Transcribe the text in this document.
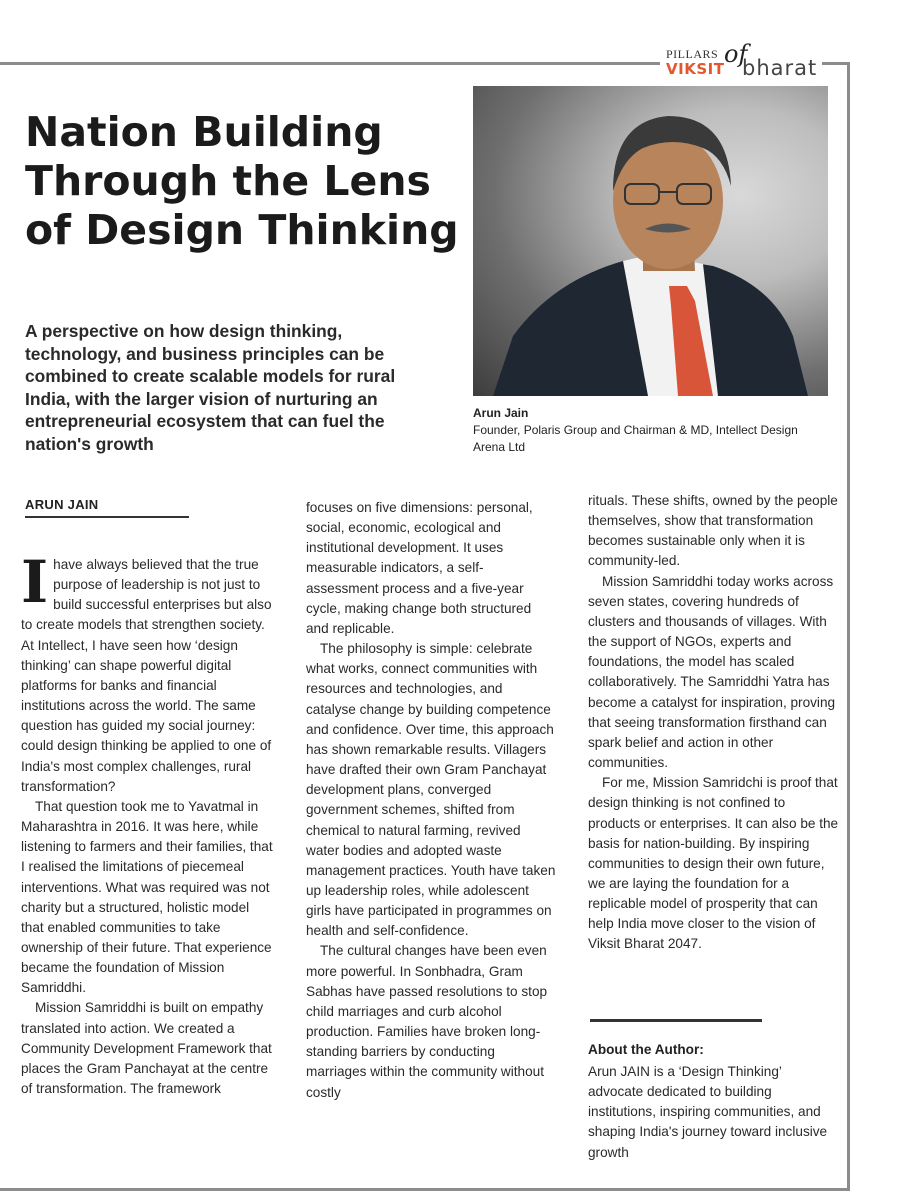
PILLARS of
VIKSIT bharat
Nation Building Through the Lens of Design Thinking

A perspective on how design thinking, technology, and business principles can be combined to create scalable models for rural India, with the larger vision of nurturing an entrepreneurial ecosystem that can fuel the nation's growth

Arun Jain
Founder, Polaris Group and Chairman & MD, Intellect Design Arena Ltd
ARUN JAIN

Ihave always believed that the true purpose of leadership is not just to build successful enterprises but also to create models that strengthen society. At Intellect, I have seen how ‘design thinking’ can shape powerful digital platforms for banks and financial institutions across the world. The same question has guided my social journey: could design thinking be applied to one of India's most complex challenges, rural transformation?

That question took me to Yavatmal in Maharashtra in 2016. It was here, while listening to farmers and their families, that I realised the limitations of piecemeal interventions. What was required was not charity but a structured, holistic model that enabled communities to take ownership of their future. That experience became the foundation of Mission Samriddhi.

Mission Samriddhi is built on empathy translated into action. We created a Community Development Framework that places the Gram Panchayat at the centre of transformation. The framework

focuses on five dimensions: personal, social, economic, ecological and institutional development. It uses measurable indicators, a self-assessment process and a five-year cycle, making change both structured and replicable.

The philosophy is simple: celebrate what works, connect communities with resources and technologies, and catalyse change by building competence and confidence. Over time, this approach has shown remarkable results. Villagers have drafted their own Gram Panchayat development plans, converged government schemes, shifted from chemical to natural farming, revived water bodies and adopted waste management practices. Youth have taken up leadership roles, while adolescent girls have participated in programmes on health and self-confidence.

The cultural changes have been even more powerful. In Sonbhadra, Gram Sabhas have passed resolutions to stop child marriages and curb alcohol production. Families have broken long-standing barriers by conducting marriages within the community without costly

rituals. These shifts, owned by the people themselves, show that transformation becomes sustainable only when it is community-led.

Mission Samriddhi today works across seven states, covering hundreds of clusters and thousands of villages. With the support of NGOs, experts and foundations, the model has scaled collaboratively. The Samriddhi Yatra has become a catalyst for inspiration, proving that seeing transformation firsthand can spark belief and action in other communities.

For me, Mission Samridchi is proof that design thinking is not confined to products or enterprises. It can also be the basis for nation-building. By inspiring communities to design their own future, we are laying the foundation for a replicable model of prosperity that can help India move closer to the vision of Viksit Bharat 2047.

About the Author:
Arun JAIN is a ‘Design Thinking’ advocate dedicated to building institutions, inspiring communities, and shaping India's journey toward inclusive growth
